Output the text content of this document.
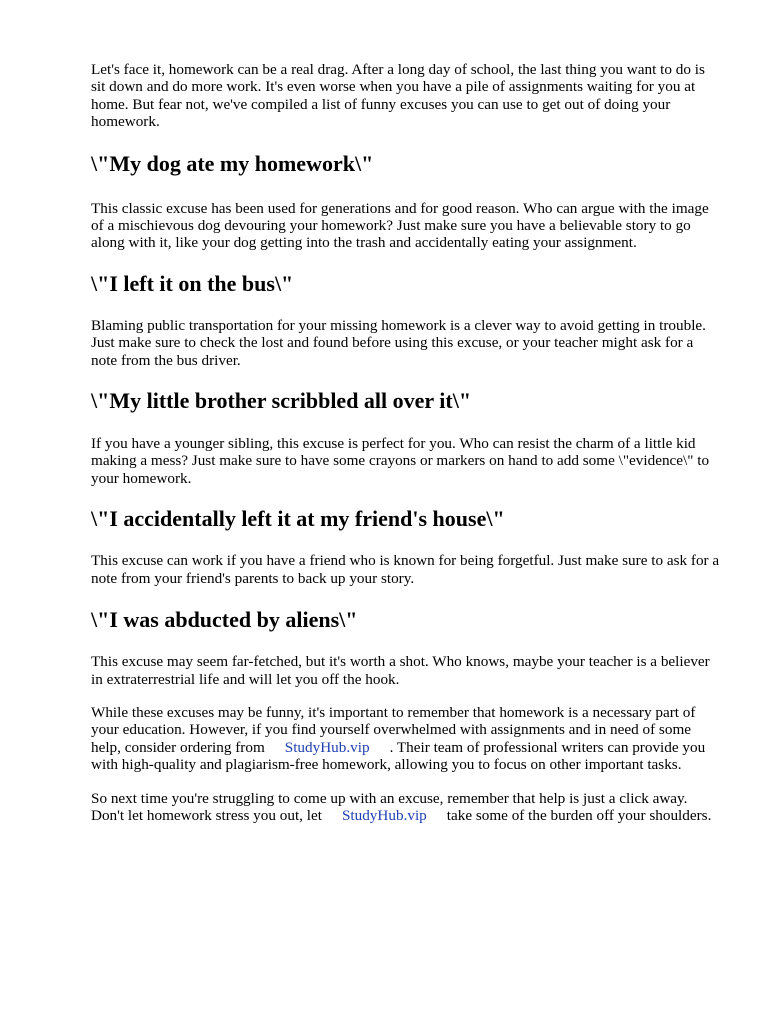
Let's face it, homework can be a real drag. After a long day of school, the last thing you want to do is sit down and do more work. It's even worse when you have a pile of assignments waiting for you at home. But fear not, we've compiled a list of funny excuses you can use to get out of doing your homework.

\"My dog ate my homework\"

This classic excuse has been used for generations and for good reason. Who can argue with the image of a mischievous dog devouring your homework? Just make sure you have a believable story to go along with it, like your dog getting into the trash and accidentally eating your assignment.

\"I left it on the bus\"

Blaming public transportation for your missing homework is a clever way to avoid getting in trouble. Just make sure to check the lost and found before using this excuse, or your teacher might ask for a note from the bus driver.

\"My little brother scribbled all over it\"

If you have a younger sibling, this excuse is perfect for you. Who can resist the charm of a little kid making a mess? Just make sure to have some crayons or markers on hand to add some \"evidence\" to your homework.

\"I accidentally left it at my friend's house\"

This excuse can work if you have a friend who is known for being forgetful. Just make sure to ask for a note from your friend's parents to back up your story.

\"I was abducted by aliens\"

This excuse may seem far-fetched, but it's worth a shot. Who knows, maybe your teacher is a believer in extraterrestrial life and will let you off the hook.

While these excuses may be funny, it's important to remember that homework is a necessary part of your education. However, if you find yourself overwhelmed with assignments and in need of some help, consider ordering from StudyHub.vip . Their team of professional writers can provide you with high-quality and plagiarism-free homework, allowing you to focus on other important tasks.

So next time you're struggling to come up with an excuse, remember that help is just a click away. Don't let homework stress you out, let StudyHub.vip take some of the burden off your shoulders.
